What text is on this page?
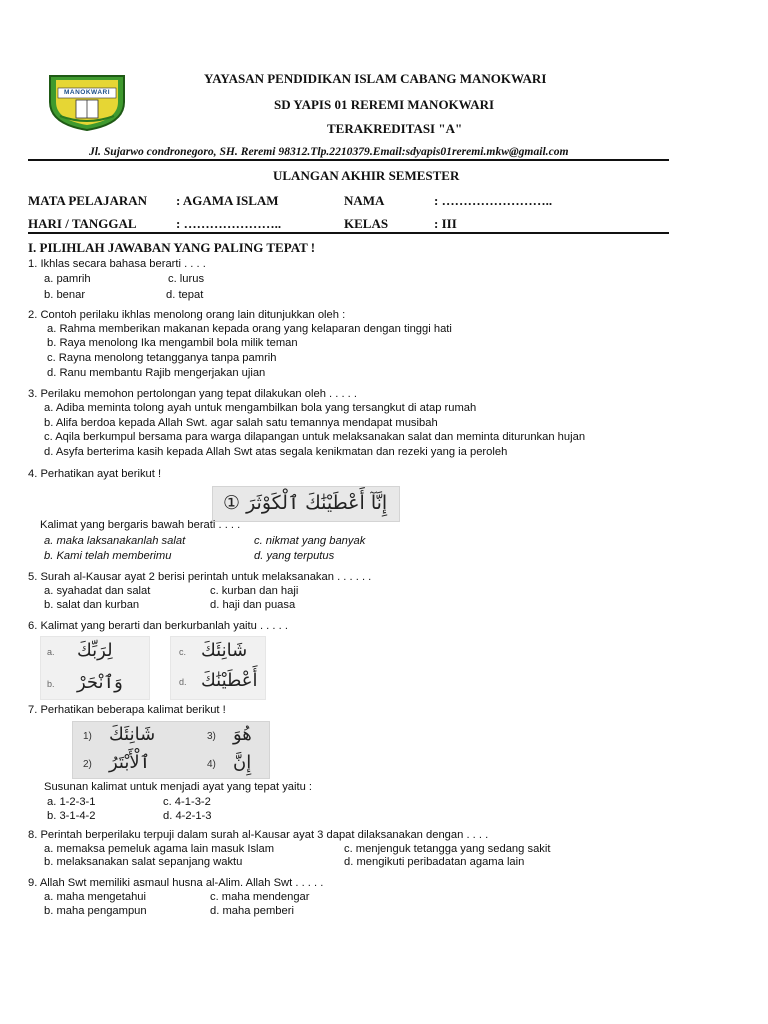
MANOKWARI
YAYASAN PENDIDIKAN ISLAM CABANG MANOKWARI
SD YAPIS 01 REREMI MANOKWARI
TERAKREDITASI "A"
Jl. Sujarwo condronegoro, SH. Reremi 98312.Tlp.2210379.Email:sdyapis01reremi.mkw@gmail.com
ULANGAN AKHIR SEMESTER
MATA PELAJARAN : AGAMA ISLAM	NAMA	: ……………………..
HARI / TANGGAL	: …………………..	KELAS	: III
I. PILIHLAH JAWABAN YANG PALING TEPAT !
1. Ikhlas secara bahasa berarti . . . .
a. pamrih	c. lurus
b. benar	d. tepat
2. Contoh perilaku ikhlas menolong orang lain ditunjukkan oleh :
a. Rahma memberikan makanan kepada orang yang kelaparan dengan tinggi hati
b. Raya menolong Ika mengambil bola milik teman
c. Rayna menolong tetangganya tanpa pamrih
d. Ranu membantu Rajib mengerjakan ujian
3. Perilaku memohon pertolongan yang tepat dilakukan oleh . . . . .
a. Adiba meminta tolong ayah untuk mengambilkan bola yang tersangkut di atap rumah
b. Alifa berdoa kepada Allah Swt. agar salah satu temannya mendapat musibah
c. Aqila berkumpul bersama para warga dilapangan untuk melaksanakan salat dan meminta diturunkan hujan
d. Asyfa berterima kasih kepada Allah Swt atas segala kenikmatan dan rezeki yang ia peroleh
4. Perhatikan ayat berikut !
إِنَّآ أَعْطَيْنَٰكَ ٱلْكَوْثَرَ ①
Kalimat yang bergaris bawah berati . . . .
a. maka laksanakanlah salat	c. nikmat yang banyak
b. Kami telah memberimu	d. yang terputus
5. Surah al-Kausar ayat 2 berisi perintah untuk melaksanakan . . . . . .
a. syahadat dan salat	c. kurban dan haji
b. salat dan kurban	d. haji dan puasa
6. Kalimat yang berarti dan berkurbanlah yaitu . . . . .
a. لِرَبِّكَ
b. وَٱنْحَرْ
c. شَانِئَكَ
d. أَعْطَيْنَٰكَ
7. Perhatikan beberapa kalimat berikut !
1) شَانِئَكَ	3) هُوَ
2) ٱلْأَبْتَرُ	4) إِنَّ
Susunan kalimat untuk menjadi ayat yang tepat yaitu :
a. 1-2-3-1	c. 4-1-3-2
b. 3-1-4-2	d. 4-2-1-3
8. Perintah berperilaku terpuji dalam surah al-Kausar ayat 3 dapat dilaksanakan dengan . . . .
a. memaksa pemeluk agama lain masuk Islam	c. menjenguk tetangga yang sedang sakit
b. melaksanakan salat sepanjang waktu	d. mengikuti peribadatan agama lain
9. Allah Swt memiliki asmaul husna al-Alim. Allah Swt . . . . .
a. maha mengetahui	c. maha mendengar
b. maha pengampun	d. maha pemberi
